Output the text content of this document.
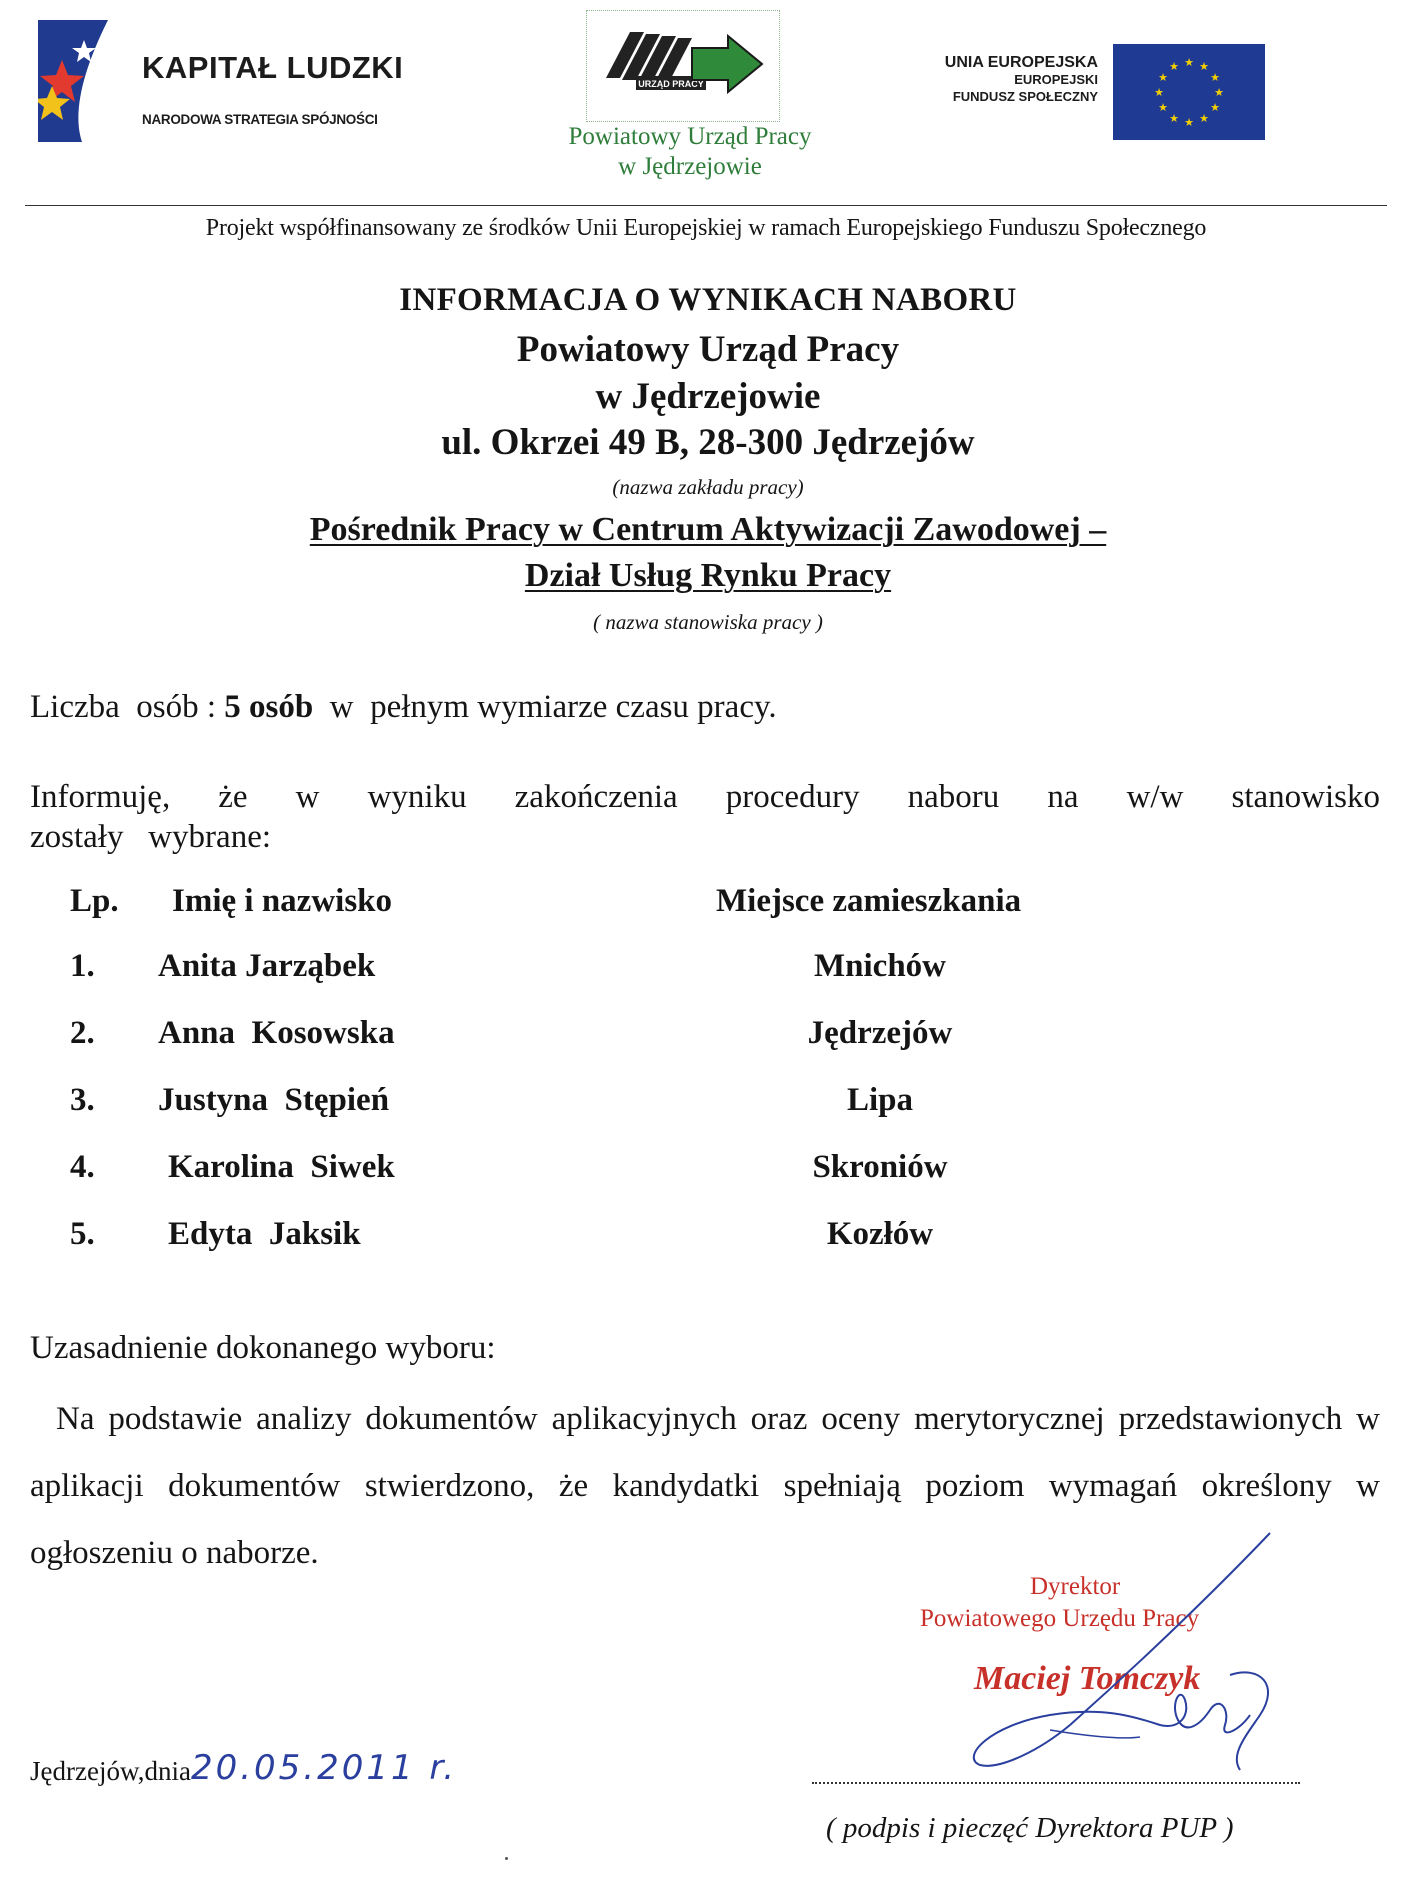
KAPITAŁ LUDZKI
NARODOWA STRATEGIA SPÓJNOŚCI
URZĄD PRACY
Powiatowy Urząd Pracy
w Jędrzejowie
UNIA EUROPEJSKA
EUROPEJSKI
FUNDUSZ SPOŁECZNY
★ ★
★
★
★
★
★
★
★
★
★
★
Projekt współfinansowany ze środków Unii Europejskiej w ramach Europejskiego Funduszu Społecznego
INFORMACJA O WYNIKACH NABORU
Powiatowy Urząd Pracy
w Jędrzejowie
ul. Okrzei 49 B, 28-300 Jędrzejów
(nazwa zakładu pracy)
Pośrednik Pracy w Centrum Aktywizacji Zawodowej –
Dział Usług Rynku Pracy
( nazwa stanowiska pracy )
Liczba  osób : 5 osób  w  pełnym wymiarze czasu pracy.
Informuję, że w wyniku zakończenia procedury naboru na w/w stanowisko
zostały   wybrane:
Lp. Imię i nazwisko	Miejsce zamieszkania
1. Anita Jarząbek	Mnichów
2. Anna  Kosowska	Jędrzejów
3. Justyna  Stępień	Lipa
4. Karolina  Siwek	Skroniów
5. Edyta  Jaksik	Kozłów
Uzasadnienie dokonanego wyboru:
Na podstawie analizy dokumentów aplikacyjnych oraz oceny merytorycznej przedstawionych w aplikacji dokumentów stwierdzono, że kandydatki spełniają poziom wymagań określony w ogłoszeniu o naborze.
Dyrektor
Powiatowego Urzędu Pracy
Maciej Tomczyk
Jędrzejów,dnia20.05.2011 r.
( podpis i pieczęć Dyrektora PUP )
